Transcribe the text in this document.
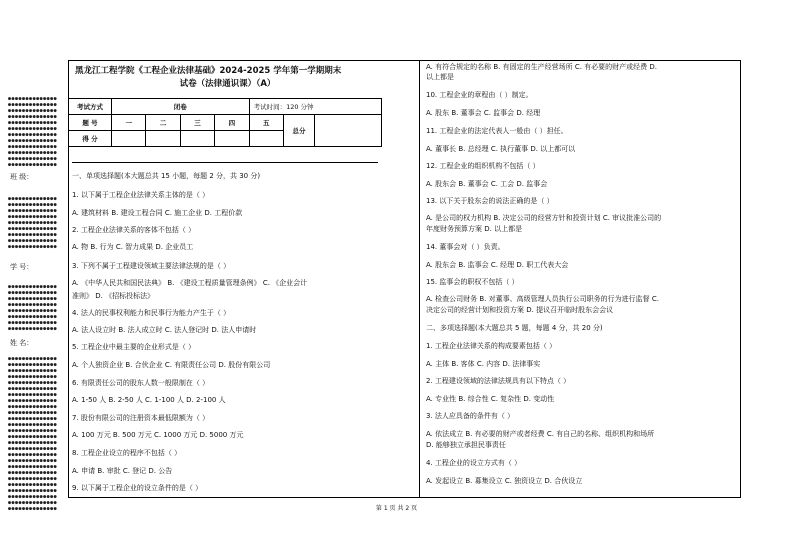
●●●●●●●●●●●●●●
●●●●●●●●●●●●●●
●●●●●●●●●●●●●●
●●●●●●●●●●●●●●
●●●●●●●●●●●●●●
●●●●●●●●●●●●●●
●●●●●●●●●●●●●●
●●●●●●●●●●●●●●
●●●●●●●●●●●●●●
●●●●●●●●●●●●●●
●●●●●●●●●●●●●●
●●●●●●●●●●●●●●
班 级：
●●●●●●●●●●●●●●
●●●●●●●●●●●●●●
●●●●●●●●●●●●●●
●●●●●●●●●●●●●●
●●●●●●●●●●●●●●
●●●●●●●●●●●●●●
●●●●●●●●●●●●●●
●●●●●●●●●●●●●●
●●●●●●●●●●●●●●
学 号：
●●●●●●●●●●●●●●
●●●●●●●●●●●●●●
●●●●●●●●●●●●●●
●●●●●●●●●●●●●●
●●●●●●●●●●●●●●
●●●●●●●●●●●●●●
●●●●●●●●●●●●●●
●●●●●●●●●●●●●●
姓 名：
●●●●●●●●●●●●●●
●●●●●●●●●●●●●●
●●●●●●●●●●●●●●
●●●●●●●●●●●●●●
●●●●●●●●●●●●●●
●●●●●●●●●●●●●●
●●●●●●●●●●●●●●
●●●●●●●●●●●●●●
●●●●●●●●●●●●●●
●●●●●●●●●●●●●●
●●●●●●●●●●●●●●
●●●●●●●●●●●●●●
●●●●●●●●●●●●●●
●●●●●●●●●●●●●●
●●●●●●●●●●●●●●
●●●●●●●●●●●●●●
●●●●●●●●●●●●●●
●●●●●●●●●●●●●●
●●●●●●●●●●●●●●
●●●●●●●●●●●●●●
●●●●●●●●●●●●●●
●●●●●●●●●●●●●●
●●●●●●●●●●●●●●
●●●●●●●●●●●●●●
●●●●●●●●●●●●●●
●●●●●●●●●●●●●●
黑龙江工程学院《工程企业法律基础》2024-2025 学年第一学期期末
试卷（法律通识课）（A）
考试方式	闭卷				考试时间：120 分钟		
题 号	一	二	三	四	五	总分	
得 分							
一、单项选择题(本大题总共 15 小题，每题 2 分，共 30 分)
1. 以下属于工程企业法律关系主体的是（ ）
A. 建筑材料 B. 建设工程合同 C. 施工企业 D. 工程价款
2. 工程企业法律关系的客体不包括（ ）
A. 物 B. 行为 C. 智力成果 D. 企业员工
3. 下列不属于工程建设领域主要法律法规的是（ ）
A. 《中华人民共和国民法典》 B. 《建设工程质量管理条例》 C. 《企业会计
准则》 D. 《招标投标法》
4. 法人的民事权利能力和民事行为能力产生于（ ）
A. 法人设立时 B. 法人成立时 C. 法人登记时 D. 法人申请时
5. 工程企业中最主要的企业形式是（ ）
A. 个人独资企业 B. 合伙企业 C. 有限责任公司 D. 股份有限公司
6. 有限责任公司的股东人数一般限制在（ ）
A. 1-50 人 B. 2-50 人 C. 1-100 人 D. 2-100 人
7. 股份有限公司的注册资本最低限额为（ ）
A. 100 万元 B. 500 万元 C. 1000 万元 D. 5000 万元
8. 工程企业设立的程序不包括（ ）
A. 申请 B. 审批 C. 登记 D. 公告
9. 以下属于工程企业的设立条件的是（ ）
A. 有符合规定的名称 B. 有固定的生产经营场所 C. 有必要的财产或经费 D.
以上都是
10. 工程企业的章程由（ ）制定。
A. 股东 B. 董事会 C. 监事会 D. 经理
11. 工程企业的法定代表人一般由（ ）担任。
A. 董事长 B. 总经理 C. 执行董事 D. 以上都可以
12. 工程企业的组织机构不包括（ ）
A. 股东会 B. 董事会 C. 工会 D. 监事会
13. 以下关于股东会的说法正确的是（ ）
A. 是公司的权力机构 B. 决定公司的经营方针和投资计划 C. 审议批准公司的
年度财务预算方案 D. 以上都是
14. 董事会对（ ）负责。
A. 股东会 B. 监事会 C. 经理 D. 职工代表大会
15. 监事会的职权不包括（ ）
A. 检查公司财务 B. 对董事、高级管理人员执行公司职务的行为进行监督 C.
决定公司的经营计划和投资方案 D. 提议召开临时股东会会议
二、多项选择题(本大题总共 5 题，每题 4 分，共 20 分)
1. 工程企业法律关系的构成要素包括（ ）
A. 主体 B. 客体 C. 内容 D. 法律事实
2. 工程建设领域的法律法规具有以下特点（ ）
A. 专业性 B. 综合性 C. 复杂性 D. 变动性
3. 法人应具备的条件有（ ）
A. 依法成立 B. 有必要的财产或者经费 C. 有自己的名称、组织机构和场所
D. 能够独立承担民事责任
4. 工程企业的设立方式有（ ）
A. 发起设立 B. 募集设立 C. 独资设立 D. 合伙设立
第 1 页 共 2 页
